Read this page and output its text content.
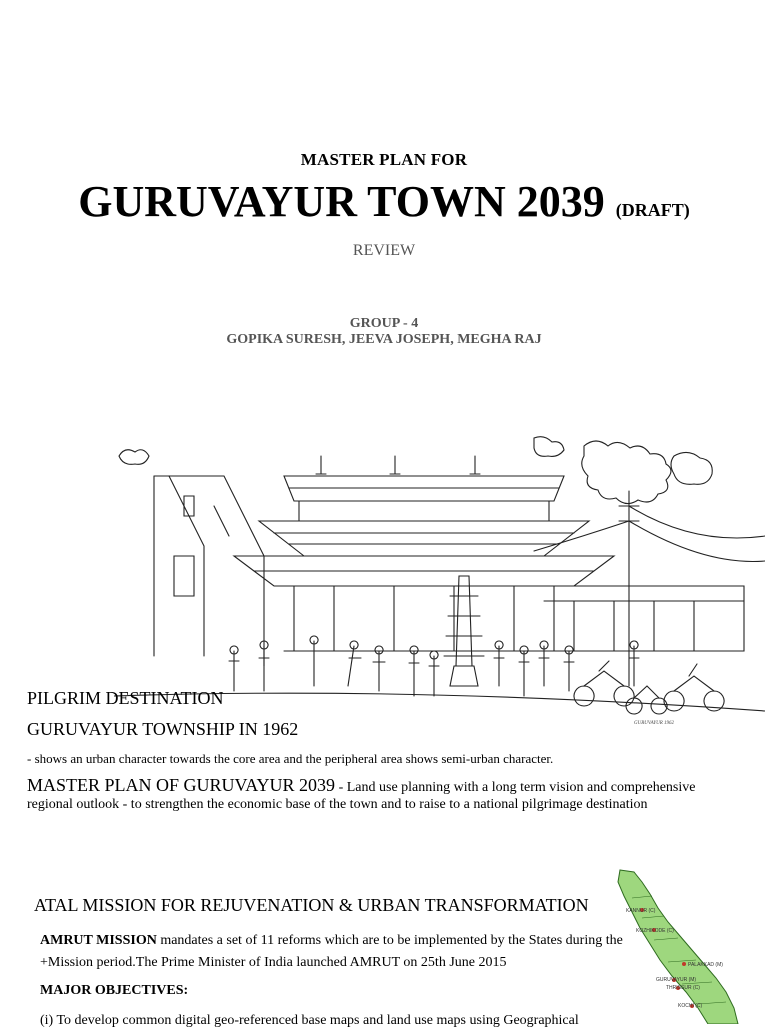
MASTER PLAN FOR
GURUVAYUR TOWN 2039 (DRAFT)
REVIEW
GROUP - 4
GOPIKA SURESH, JEEVA JOSEPH, MEGHA RAJ
GURUVAYUR 1962
PILGRIM DESTINATION
GURUVAYUR TOWNSHIP IN 1962
- shows an urban character towards the core area and the peripheral area shows semi-urban character.
MASTER PLAN OF GURUVAYUR 2039 - Land use planning with a long term vision and comprehensive regional outlook - to strengthen the economic base of the town and to raise to a national pilgrimage destination
ATAL MISSION FOR REJUVENATION & URBAN TRANSFORMATION
AMRUT MISSION mandates a set of 11 reforms which are to be implemented by the States during the +Mission period.The Prime Minister of India launched AMRUT on 25th June 2015
MAJOR OBJECTIVES:
(i) To develop common digital geo-referenced base maps and land use maps using Geographical
KANNUR (C)
KOZHIKODE (C)
PALAKKAD (M)
GURUVAYUR (M)
THRISSUR (C)
KOCHI (C)
